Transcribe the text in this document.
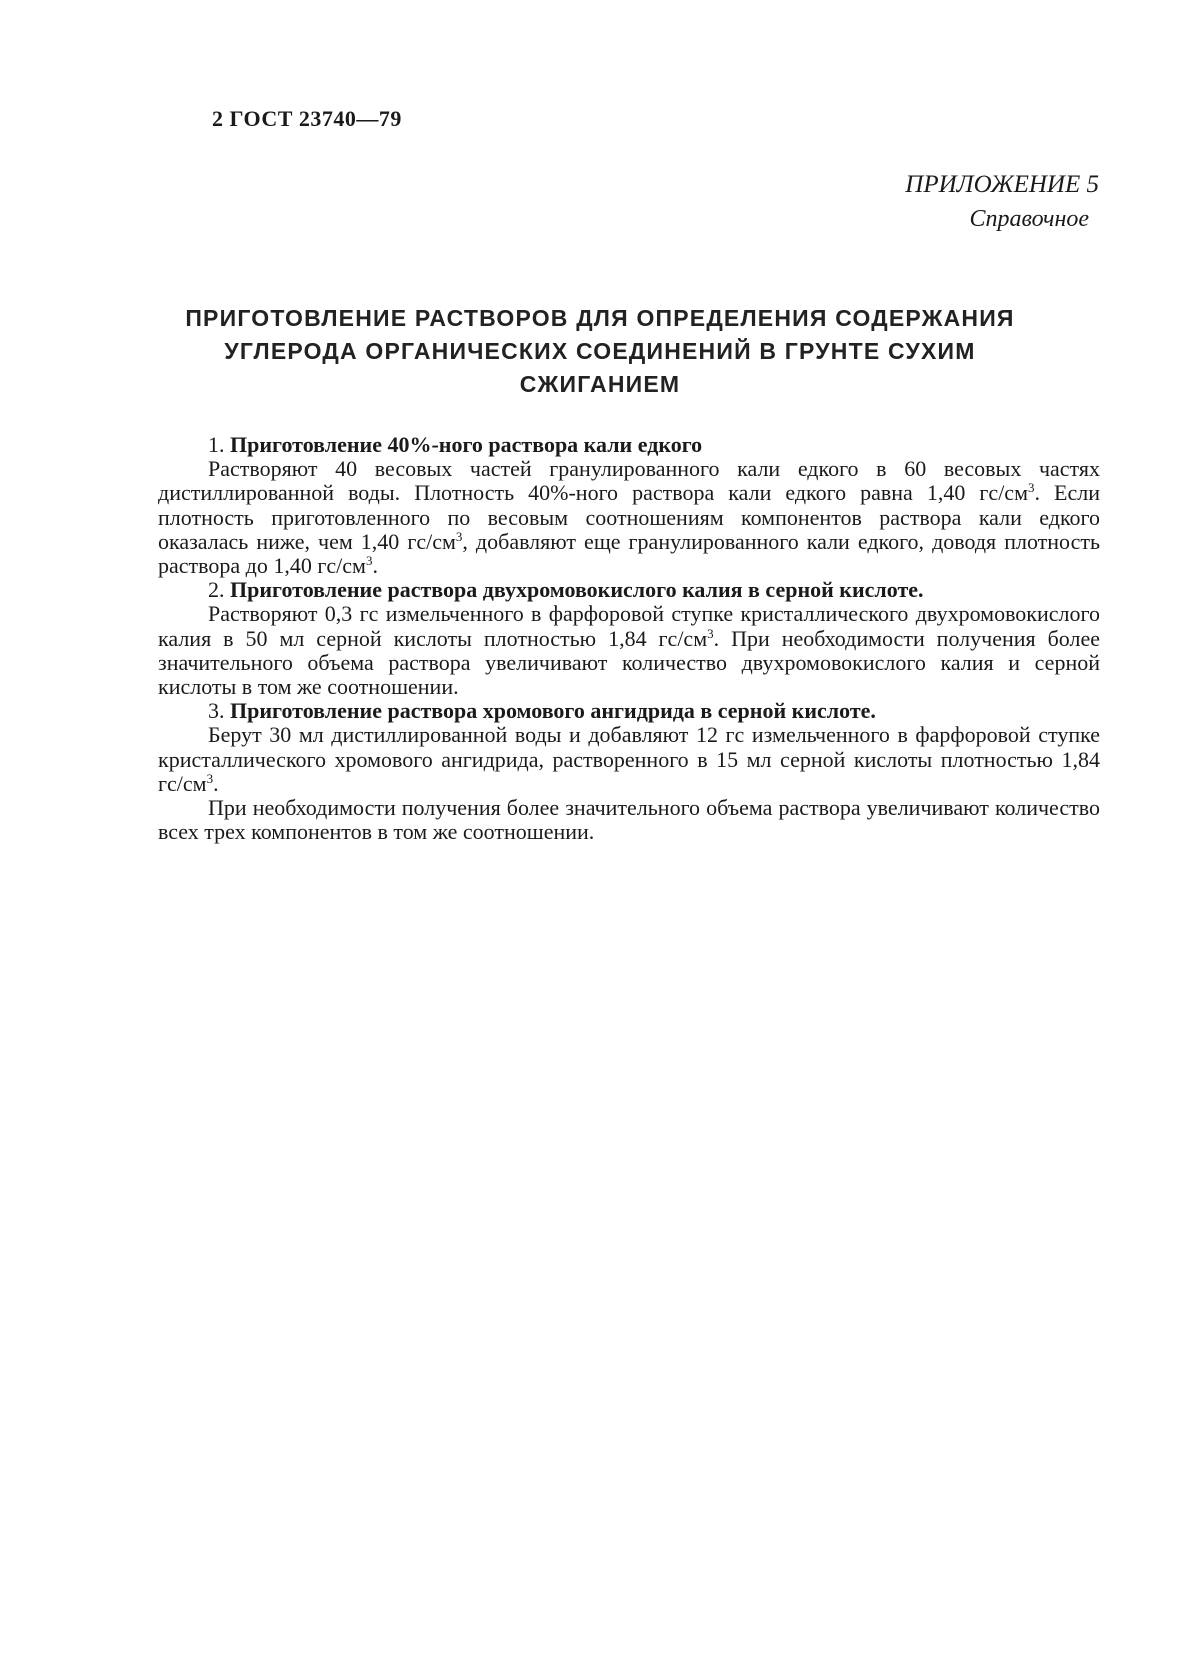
2 ГОСТ 23740—79
ПРИЛОЖЕНИЕ 5
Справочное
ПРИГОТОВЛЕНИЕ РАСТВОРОВ ДЛЯ ОПРЕДЕЛЕНИЯ СОДЕРЖАНИЯ
УГЛЕРОДА ОРГАНИЧЕСКИХ СОЕДИНЕНИЙ В ГРУНТЕ СУХИМ
СЖИГАНИЕМ

1. Приготовление 40%-ного раствора кали едкого

Растворяют 40 весовых частей гранулированного кали едкого в 60 весовых частях дистиллированной воды. Плотность 40%-ного раствора кали едкого равна 1,40 $гс/см^3$. Если плотность приготовленного по весовым соотношениям компонентов раствора кали едкого оказалась ниже, чем 1,40 $гс/см^3$, добавляют еще гранулированного кали едкого, доводя плотность раствора до 1,40 $гс/см^3$.

2. Приготовление раствора двухромовокислого калия в серной кислоте.

Растворяют 0,3 гс измельченного в фарфоровой ступке кристаллического двухромовокислого калия в 50 мл серной кислоты плотностью 1,84 $гс/см^3$. При необходимости получения более значительного объема раствора увеличивают количество двухромовокислого калия и серной кислоты в том же соотношении.

3. Приготовление раствора хромового ангидрида в серной кислоте.

Берут 30 мл дистиллированной воды и добавляют 12 гс измельченного в фарфоровой ступке кристаллического хромового ангидрида, растворенного в 15 мл серной кислоты плотностью 1,84 $гс/см^3$.

При необходимости получения более значительного объема раствора увеличивают количество всех трех компонентов в том же соотношении.
